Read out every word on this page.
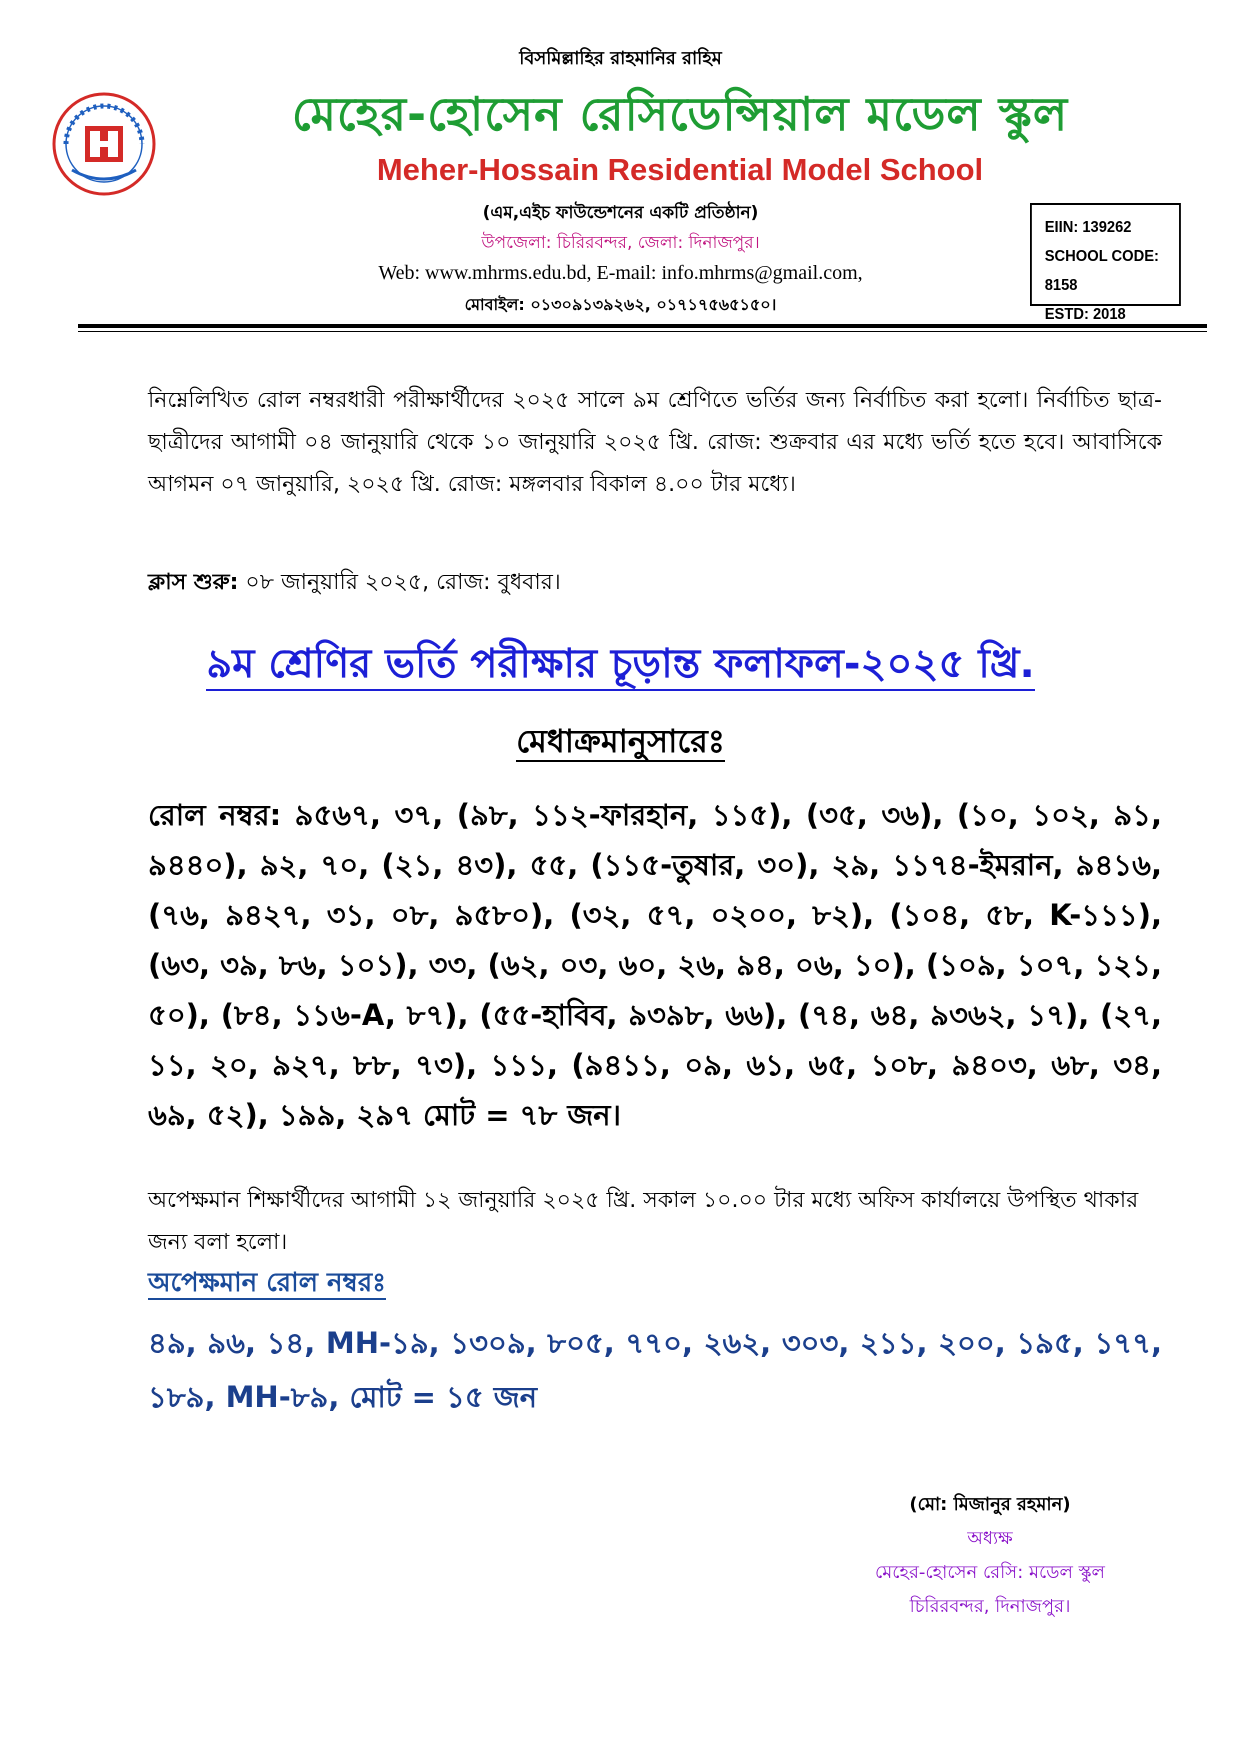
বিসমিল্লাহির রাহমানির রাহিম
মেহের-হোসেন রেসিডেন্সিয়াল মডেল স্কুল
Meher-Hossain Residential Model School
(এম,এইচ ফাউন্ডেশনের একটি প্রতিষ্ঠান)
উপজেলা: চিরিরবন্দর, জেলা: দিনাজপুর।
Web: www.mhrms.edu.bd, E-mail: info.mhrms@gmail.com,
মোবাইল: ০১৩০৯১৩৯২৬২, ০১৭১৭৫৬৫১৫০।
EIIN: 139262
SCHOOL CODE: 8158
ESTD: 2018
নিম্নেলিখিত রোল নম্বরধারী পরীক্ষার্থীদের ২০২৫ সালে ৯ম শ্রেণিতে ভর্তির জন্য নির্বাচিত করা হলো। নির্বাচিত ছাত্র-ছাত্রীদের আগামী ০৪ জানুয়ারি থেকে ১০ জানুয়ারি ২০২৫ খ্রি. রোজ: শুক্রবার এর মধ্যে ভর্তি হতে হবে। আবাসিকে আগমন ০৭ জানুয়ারি, ২০২৫ খ্রি. রোজ: মঙ্গলবার বিকাল ৪.০০ টার মধ্যে।
ক্লাস শুরু: ০৮ জানুয়ারি ২০২৫, রোজ: বুধবার।
৯ম শ্রেণির ভর্তি পরীক্ষার চূড়ান্ত ফলাফল-২০২৫ খ্রি.
মেধাক্রমানুসারেঃ
রোল নম্বর: ৯৫৬৭, ৩৭, (৯৮, ১১২-ফারহান, ১১৫), (৩৫, ৩৬), (১০, ১০২, ৯১, ৯৪৪০), ৯২, ৭০, (২১, ৪৩), ৫৫, (১১৫-তুষার, ৩০), ২৯, ১১৭৪-ইমরান, ৯৪১৬, (৭৬, ৯৪২৭, ৩১, ০৮, ৯৫৮০), (৩২, ৫৭, ০২০০, ৮২), (১০৪, ৫৮, K-১১১), (৬৩, ৩৯, ৮৬, ১০১), ৩৩, (৬২, ০৩, ৬০, ২৬, ৯৪, ০৬, ১০), (১০৯, ১০৭, ১২১, ৫০), (৮৪, ১১৬-A, ৮৭), (৫৫-হাবিব, ৯৩৯৮, ৬৬), (৭৪, ৬৪, ৯৩৬২, ১৭), (২৭, ১১, ২০, ৯২৭, ৮৮, ৭৩), ১১১, (৯৪১১, ০৯, ৬১, ৬৫, ১০৮, ৯৪০৩, ৬৮, ৩৪, ৬৯, ৫২), ১৯৯, ২৯৭ মোট = ৭৮ জন।
অপেক্ষমান শিক্ষার্থীদের আগামী ১২ জানুয়ারি ২০২৫ খ্রি. সকাল ১০.০০ টার মধ্যে অফিস কার্যালয়ে উপস্থিত থাকার জন্য বলা হলো।
অপেক্ষমান রোল নম্বরঃ
৪৯, ৯৬, ১৪, MH-১৯, ১৩০৯, ৮০৫, ৭৭০, ২৬২, ৩০৩, ২১১, ২০০, ১৯৫, ১৭৭, ১৮৯, MH-৮৯, মোট = ১৫ জন
(মো: মিজানুর রহমান)
অধ্যক্ষ
মেহের-হোসেন রেসি: মডেল স্কুল
চিরিরবন্দর, দিনাজপুর।
